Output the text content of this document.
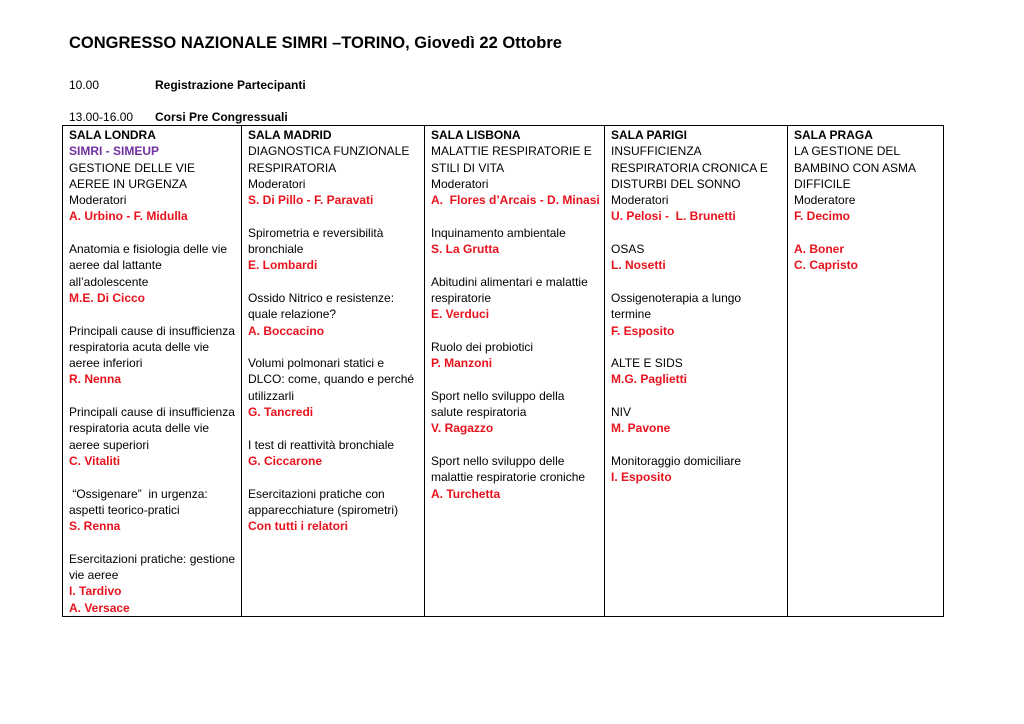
CONGRESSO NAZIONALE SIMRI –TORINO, Giovedì 22 Ottobre
10.00	Registrazione Partecipanti
13.00-16.00 Corsi Pre Congressuali
SALA LONDRA
SIMRI - SIMEUP
GESTIONE DELLE VIE AEREE IN URGENZA
Moderatori
A. Urbino - F. Midulla
Anatomia e fisiologia delle vie aeree dal lattante all’adolescente
M.E. Di Cicco
Principali cause di insufficienza respiratoria acuta delle vie aeree inferiori
R. Nenna
Principali cause di insufficienza respiratoria acuta delle vie aeree superiori
C. Vitaliti
“Ossigenare”  in urgenza: aspetti teorico-pratici
S. Renna
Esercitazioni pratiche: gestione vie aeree
I. Tardivo
A. Versace

SALA MADRID
DIAGNOSTICA FUNZIONALE RESPIRATORIA
Moderatori
S. Di Pillo - F. Paravati
Spirometria e reversibilità bronchiale
E. Lombardi
Ossido Nitrico e resistenze: quale relazione?
A. Boccacino
Volumi polmonari statici e DLCO: come, quando e perché utilizzarli
G. Tancredi
I test di reattività bronchiale
G. Ciccarone
Esercitazioni pratiche con apparecchiature (spirometri)
Con tutti i relatori

SALA LISBONA
MALATTIE RESPIRATORIE E STILI DI VITA
Moderatori
A.  Flores d’Arcais - D. Minasi
Inquinamento ambientale
S. La Grutta
Abitudini alimentari e malattie respiratorie
E. Verduci
Ruolo dei probiotici
P. Manzoni
Sport nello sviluppo della salute respiratoria
V. Ragazzo
Sport nello sviluppo delle malattie respiratorie croniche
A. Turchetta

SALA PARIGI
INSUFFICIENZA RESPIRATORIA CRONICA E DISTURBI DEL SONNO
Moderatori
U. Pelosi -  L. Brunetti
OSAS
L. Nosetti
Ossigenoterapia a lungo termine
F. Esposito
ALTE E SIDS
M.G. Paglietti
NIV
M. Pavone
Monitoraggio domiciliare
I. Esposito

SALA PRAGA
LA GESTIONE DEL BAMBINO CON ASMA DIFFICILE
Moderatore
F. Decimo
A. Boner
C. Capristo
